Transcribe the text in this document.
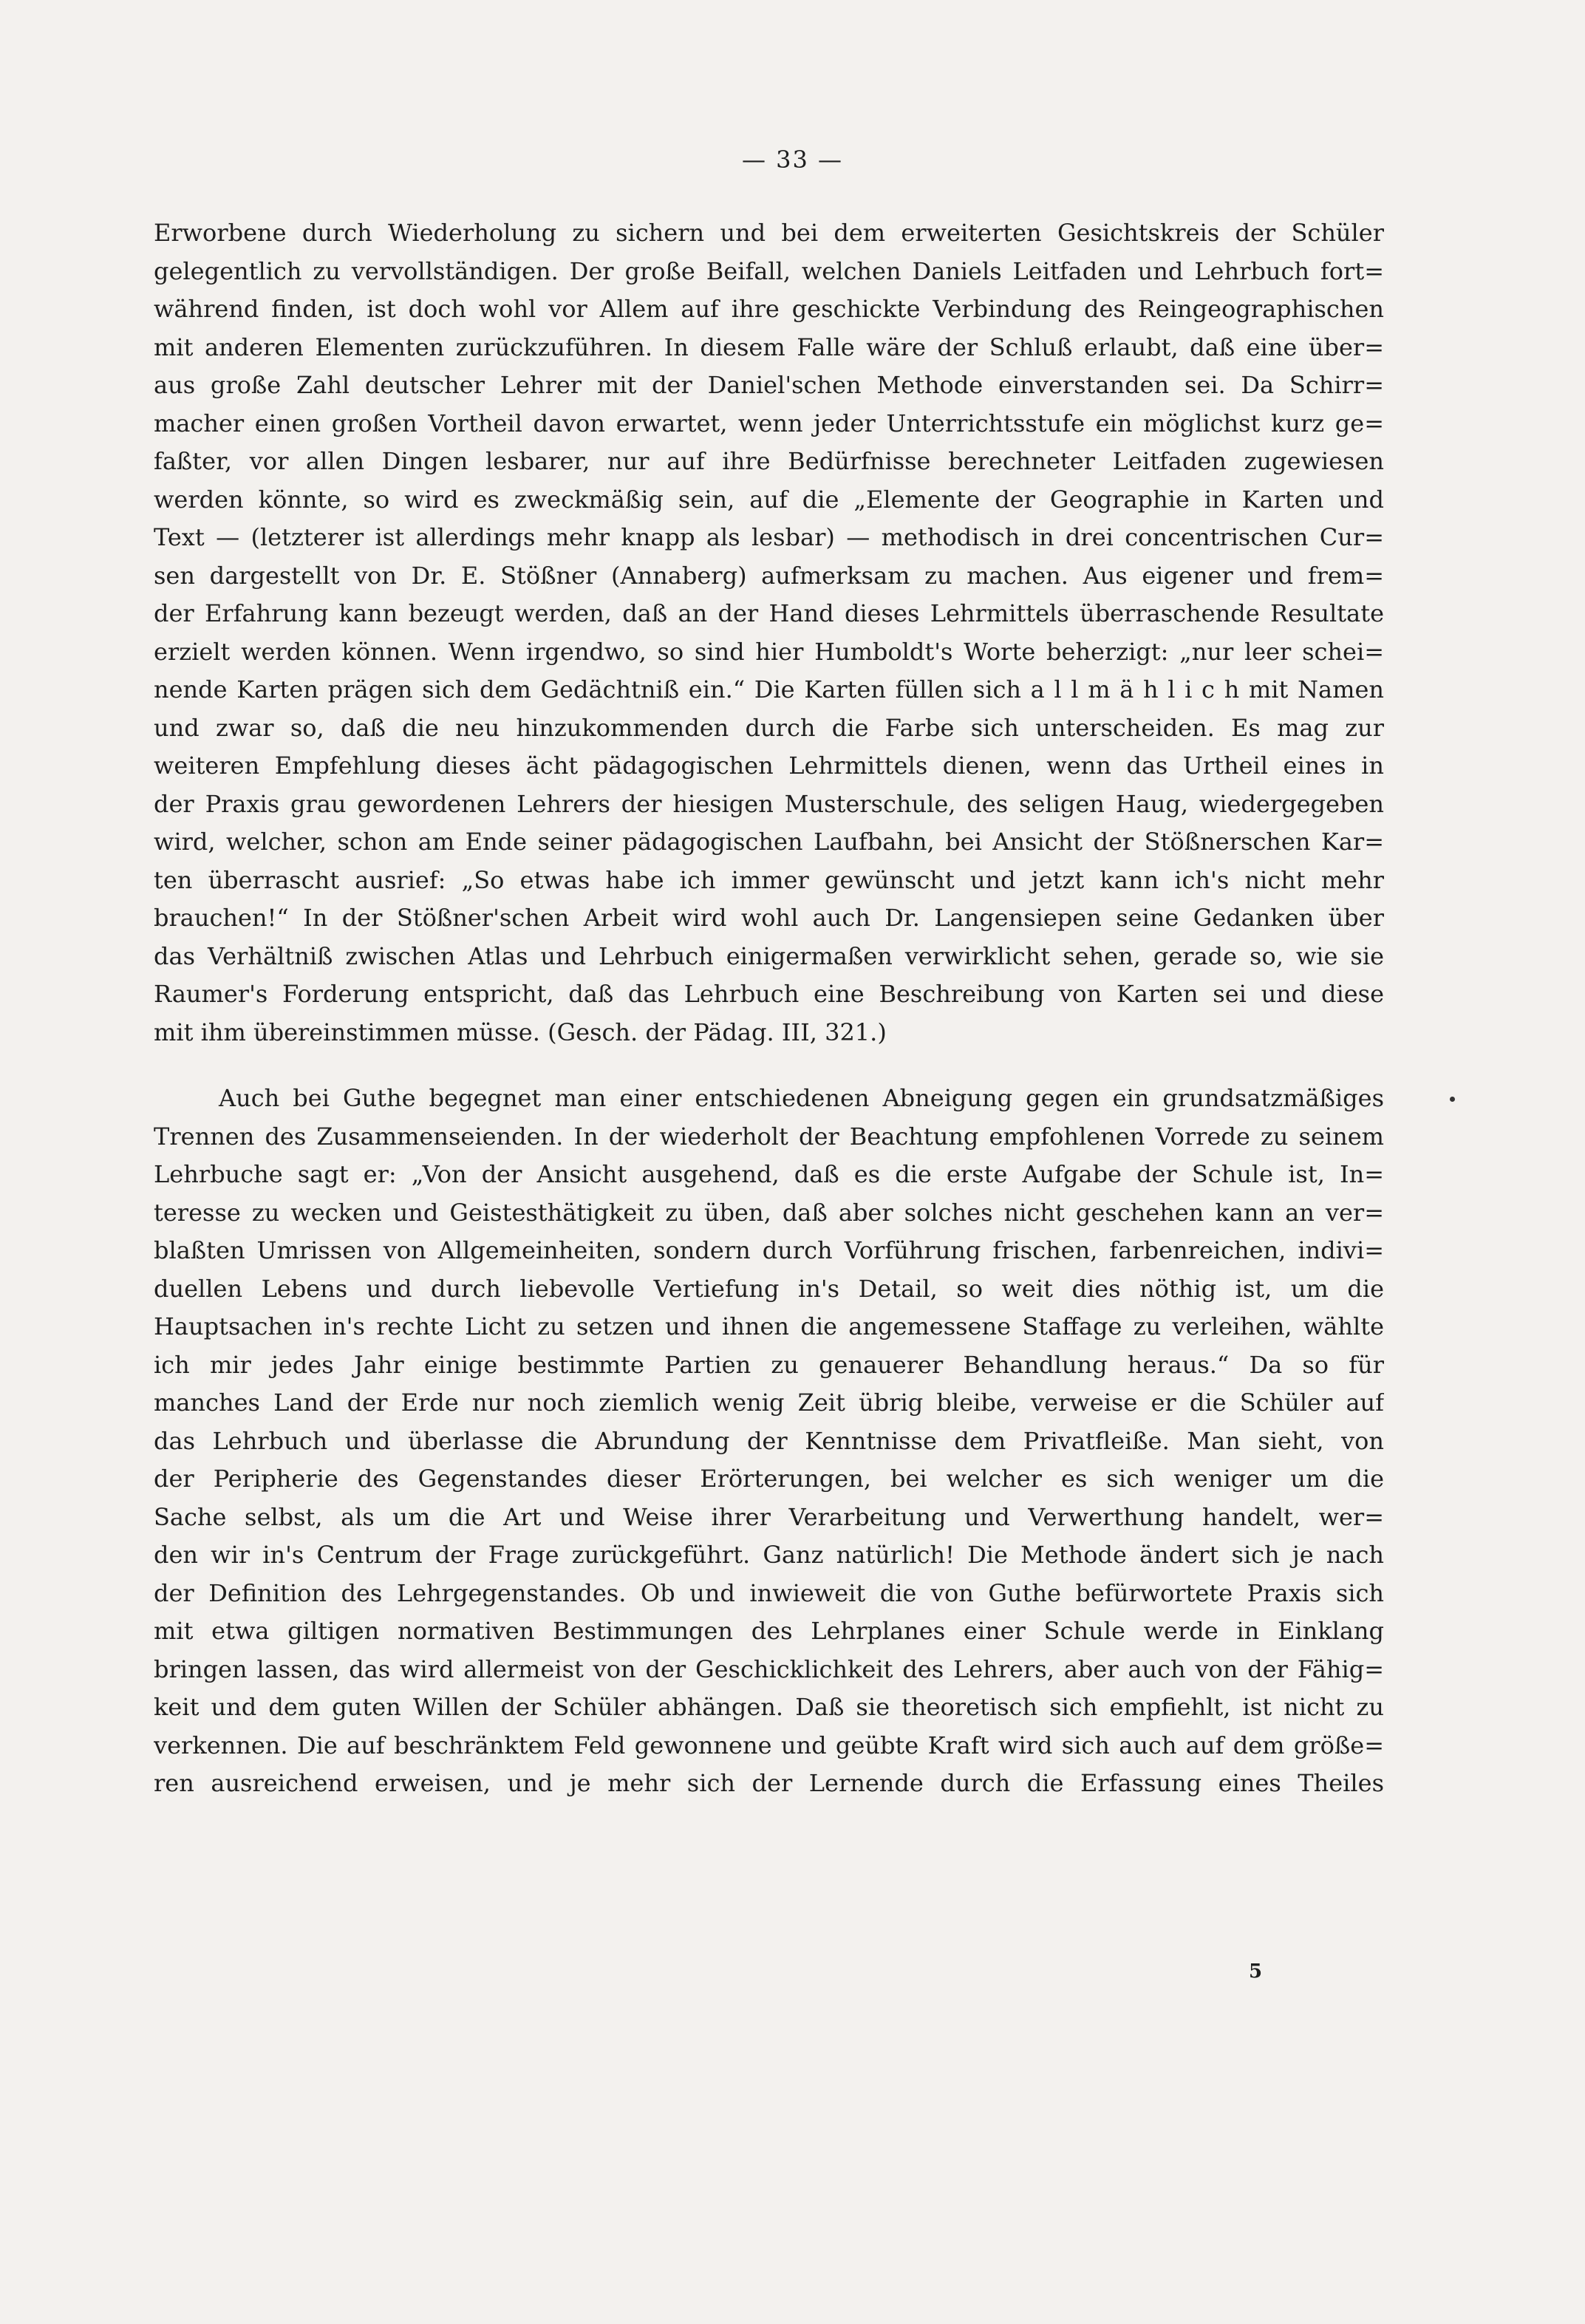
— 33 —
Erworbene durch Wiederholung zu sichern und bei dem erweiterten Gesichtskreis der Schüler
gelegentlich zu vervollständigen. Der große Beifall, welchen Daniels Leitfaden und Lehrbuch fort=
während finden, ist doch wohl vor Allem auf ihre geschickte Verbindung des Reingeographischen
mit anderen Elementen zurückzuführen. In diesem Falle wäre der Schluß erlaubt, daß eine über=
aus große Zahl deutscher Lehrer mit der Daniel'schen Methode einverstanden sei. Da Schirr=
macher einen großen Vortheil davon erwartet, wenn jeder Unterrichtsstufe ein möglichst kurz ge=
faßter, vor allen Dingen lesbarer, nur auf ihre Bedürfnisse berechneter Leitfaden zugewiesen
werden könnte, so wird es zweckmäßig sein, auf die „Elemente der Geographie in Karten und
Text — (letzterer ist allerdings mehr knapp als lesbar) — methodisch in drei concentrischen Cur=
sen dargestellt von Dr. E. Stößner (Annaberg) aufmerksam zu machen. Aus eigener und frem=
der Erfahrung kann bezeugt werden, daß an der Hand dieses Lehrmittels überraschende Resultate
erzielt werden können. Wenn irgendwo, so sind hier Humboldt's Worte beherzigt: „nur leer schei=
nende Karten prägen sich dem Gedächtniß ein.“ Die Karten füllen sich a l l m ä h l i c h mit Namen
und zwar so, daß die neu hinzukommenden durch die Farbe sich unterscheiden. Es mag zur
weiteren Empfehlung dieses ächt pädagogischen Lehrmittels dienen, wenn das Urtheil eines in
der Praxis grau gewordenen Lehrers der hiesigen Musterschule, des seligen Haug, wiedergegeben
wird, welcher, schon am Ende seiner pädagogischen Laufbahn, bei Ansicht der Stößnerschen Kar=
ten überrascht ausrief: „So etwas habe ich immer gewünscht und jetzt kann ich's nicht mehr
brauchen!“ In der Stößner'schen Arbeit wird wohl auch Dr. Langensiepen seine Gedanken über
das Verhältniß zwischen Atlas und Lehrbuch einigermaßen verwirklicht sehen, gerade so, wie sie
Raumer's Forderung entspricht, daß das Lehrbuch eine Beschreibung von Karten sei und diese
mit ihm übereinstimmen müsse. (Gesch. der Pädag. III, 321.)
Auch bei Guthe begegnet man einer entschiedenen Abneigung gegen ein grundsatzmäßiges
Trennen des Zusammenseienden. In der wiederholt der Beachtung empfohlenen Vorrede zu seinem
Lehrbuche sagt er: „Von der Ansicht ausgehend, daß es die erste Aufgabe der Schule ist, In=
teresse zu wecken und Geistesthätigkeit zu üben, daß aber solches nicht geschehen kann an ver=
blaßten Umrissen von Allgemeinheiten, sondern durch Vorführung frischen, farbenreichen, indivi=
duellen Lebens und durch liebevolle Vertiefung in's Detail, so weit dies nöthig ist, um die
Hauptsachen in's rechte Licht zu setzen und ihnen die angemessene Staffage zu verleihen, wählte
ich mir jedes Jahr einige bestimmte Partien zu genauerer Behandlung heraus.“ Da so für
manches Land der Erde nur noch ziemlich wenig Zeit übrig bleibe, verweise er die Schüler auf
das Lehrbuch und überlasse die Abrundung der Kenntnisse dem Privatfleiße. Man sieht, von
der Peripherie des Gegenstandes dieser Erörterungen, bei welcher es sich weniger um die
Sache selbst, als um die Art und Weise ihrer Verarbeitung und Verwerthung handelt, wer=
den wir in's Centrum der Frage zurückgeführt. Ganz natürlich! Die Methode ändert sich je nach
der Definition des Lehrgegenstandes. Ob und inwieweit die von Guthe befürwortete Praxis sich
mit etwa giltigen normativen Bestimmungen des Lehrplanes einer Schule werde in Einklang
bringen lassen, das wird allermeist von der Geschicklichkeit des Lehrers, aber auch von der Fähig=
keit und dem guten Willen der Schüler abhängen. Daß sie theoretisch sich empfiehlt, ist nicht zu
verkennen. Die auf beschränktem Feld gewonnene und geübte Kraft wird sich auch auf dem größe=
ren ausreichend erweisen, und je mehr sich der Lernende durch die Erfassung eines Theiles
5
